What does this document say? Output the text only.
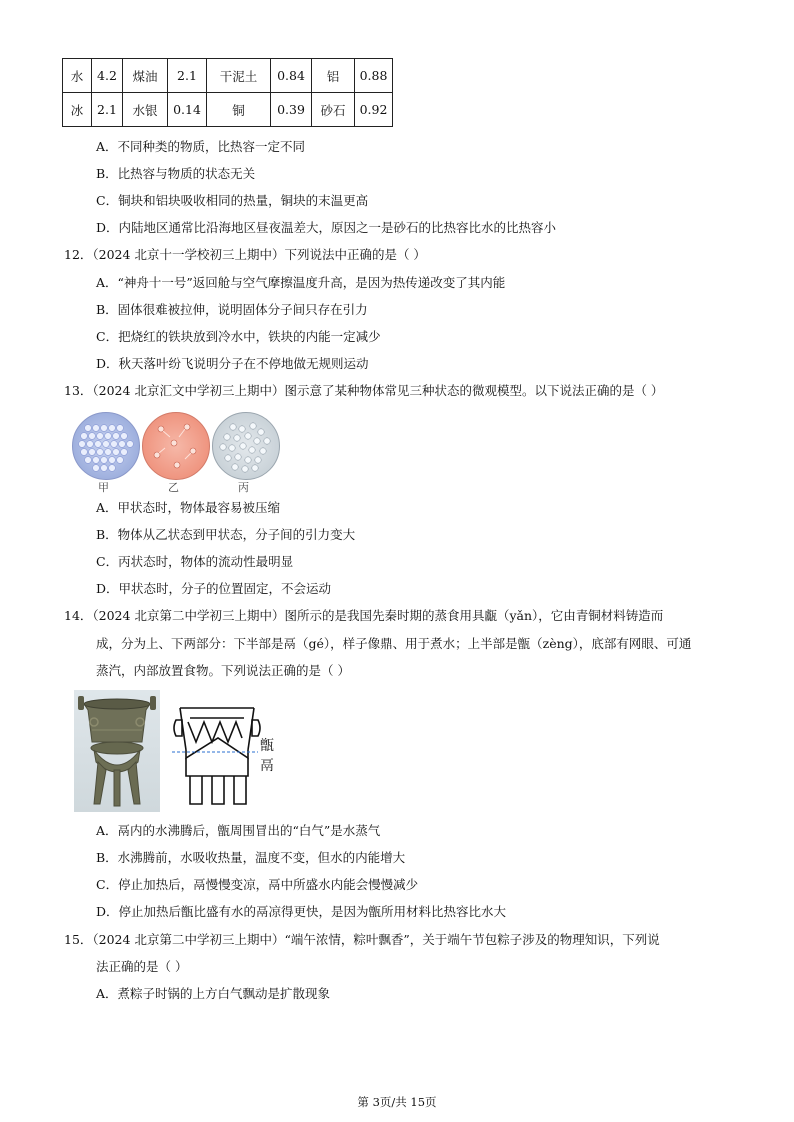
水	4.2	煤油	2.1	干泥土	0.84	铝	0.88
冰	2.1	水银	0.14	铜	0.39	砂石	0.92
A．不同种类的物质，比热容一定不同
B．比热容与物质的状态无关
C．铜块和铝块吸收相同的热量，铜块的末温更高
D．内陆地区通常比沿海地区昼夜温差大，原因之一是砂石的比热容比水的比热容小
12．（2024 北京十一学校初三上期中）下列说法中正确的是（ ）
A．“神舟十一号”返回舱与空气摩擦温度升高，是因为热传递改变了其内能
B．固体很难被拉伸，说明固体分子间只存在引力
C．把烧红的铁块放到冷水中，铁块的内能一定减少
D．秋天落叶纷飞说明分子在不停地做无规则运动
13．（2024 北京汇文中学初三上期中）图示意了某种物体常见三种状态的微观模型。以下说法正确的是（ ）
甲	乙	丙
A．甲状态时，物体最容易被压缩
B．物体从乙状态到甲状态，分子间的引力变大
C．丙状态时，物体的流动性最明显
D．甲状态时，分子的位置固定，不会运动
14．（2024 北京第二中学初三上期中）图所示的是我国先秦时期的蒸食用具甗（yǎn），它由青铜材料铸造而
成，分为上、下两部分：下半部是鬲（gé），样子像鼎、用于煮水；上半部是甑（zèng），底部有网眼、可通
蒸汽，内部放置食物。下列说法正确的是（ ）
甑
鬲
A．鬲内的水沸腾后，甑周围冒出的“白气”是水蒸气
B．水沸腾前，水吸收热量，温度不变，但水的内能增大
C．停止加热后，鬲慢慢变凉，鬲中所盛水内能会慢慢减少
D．停止加热后甑比盛有水的鬲凉得更快，是因为甑所用材料比热容比水大
15．（2024 北京第二中学初三上期中）“端午浓情，粽叶飘香”，关于端午节包粽子涉及的物理知识，下列说
法正确的是（ ）
A．煮粽子时锅的上方白气飘动是扩散现象
第 3页/共 15页
